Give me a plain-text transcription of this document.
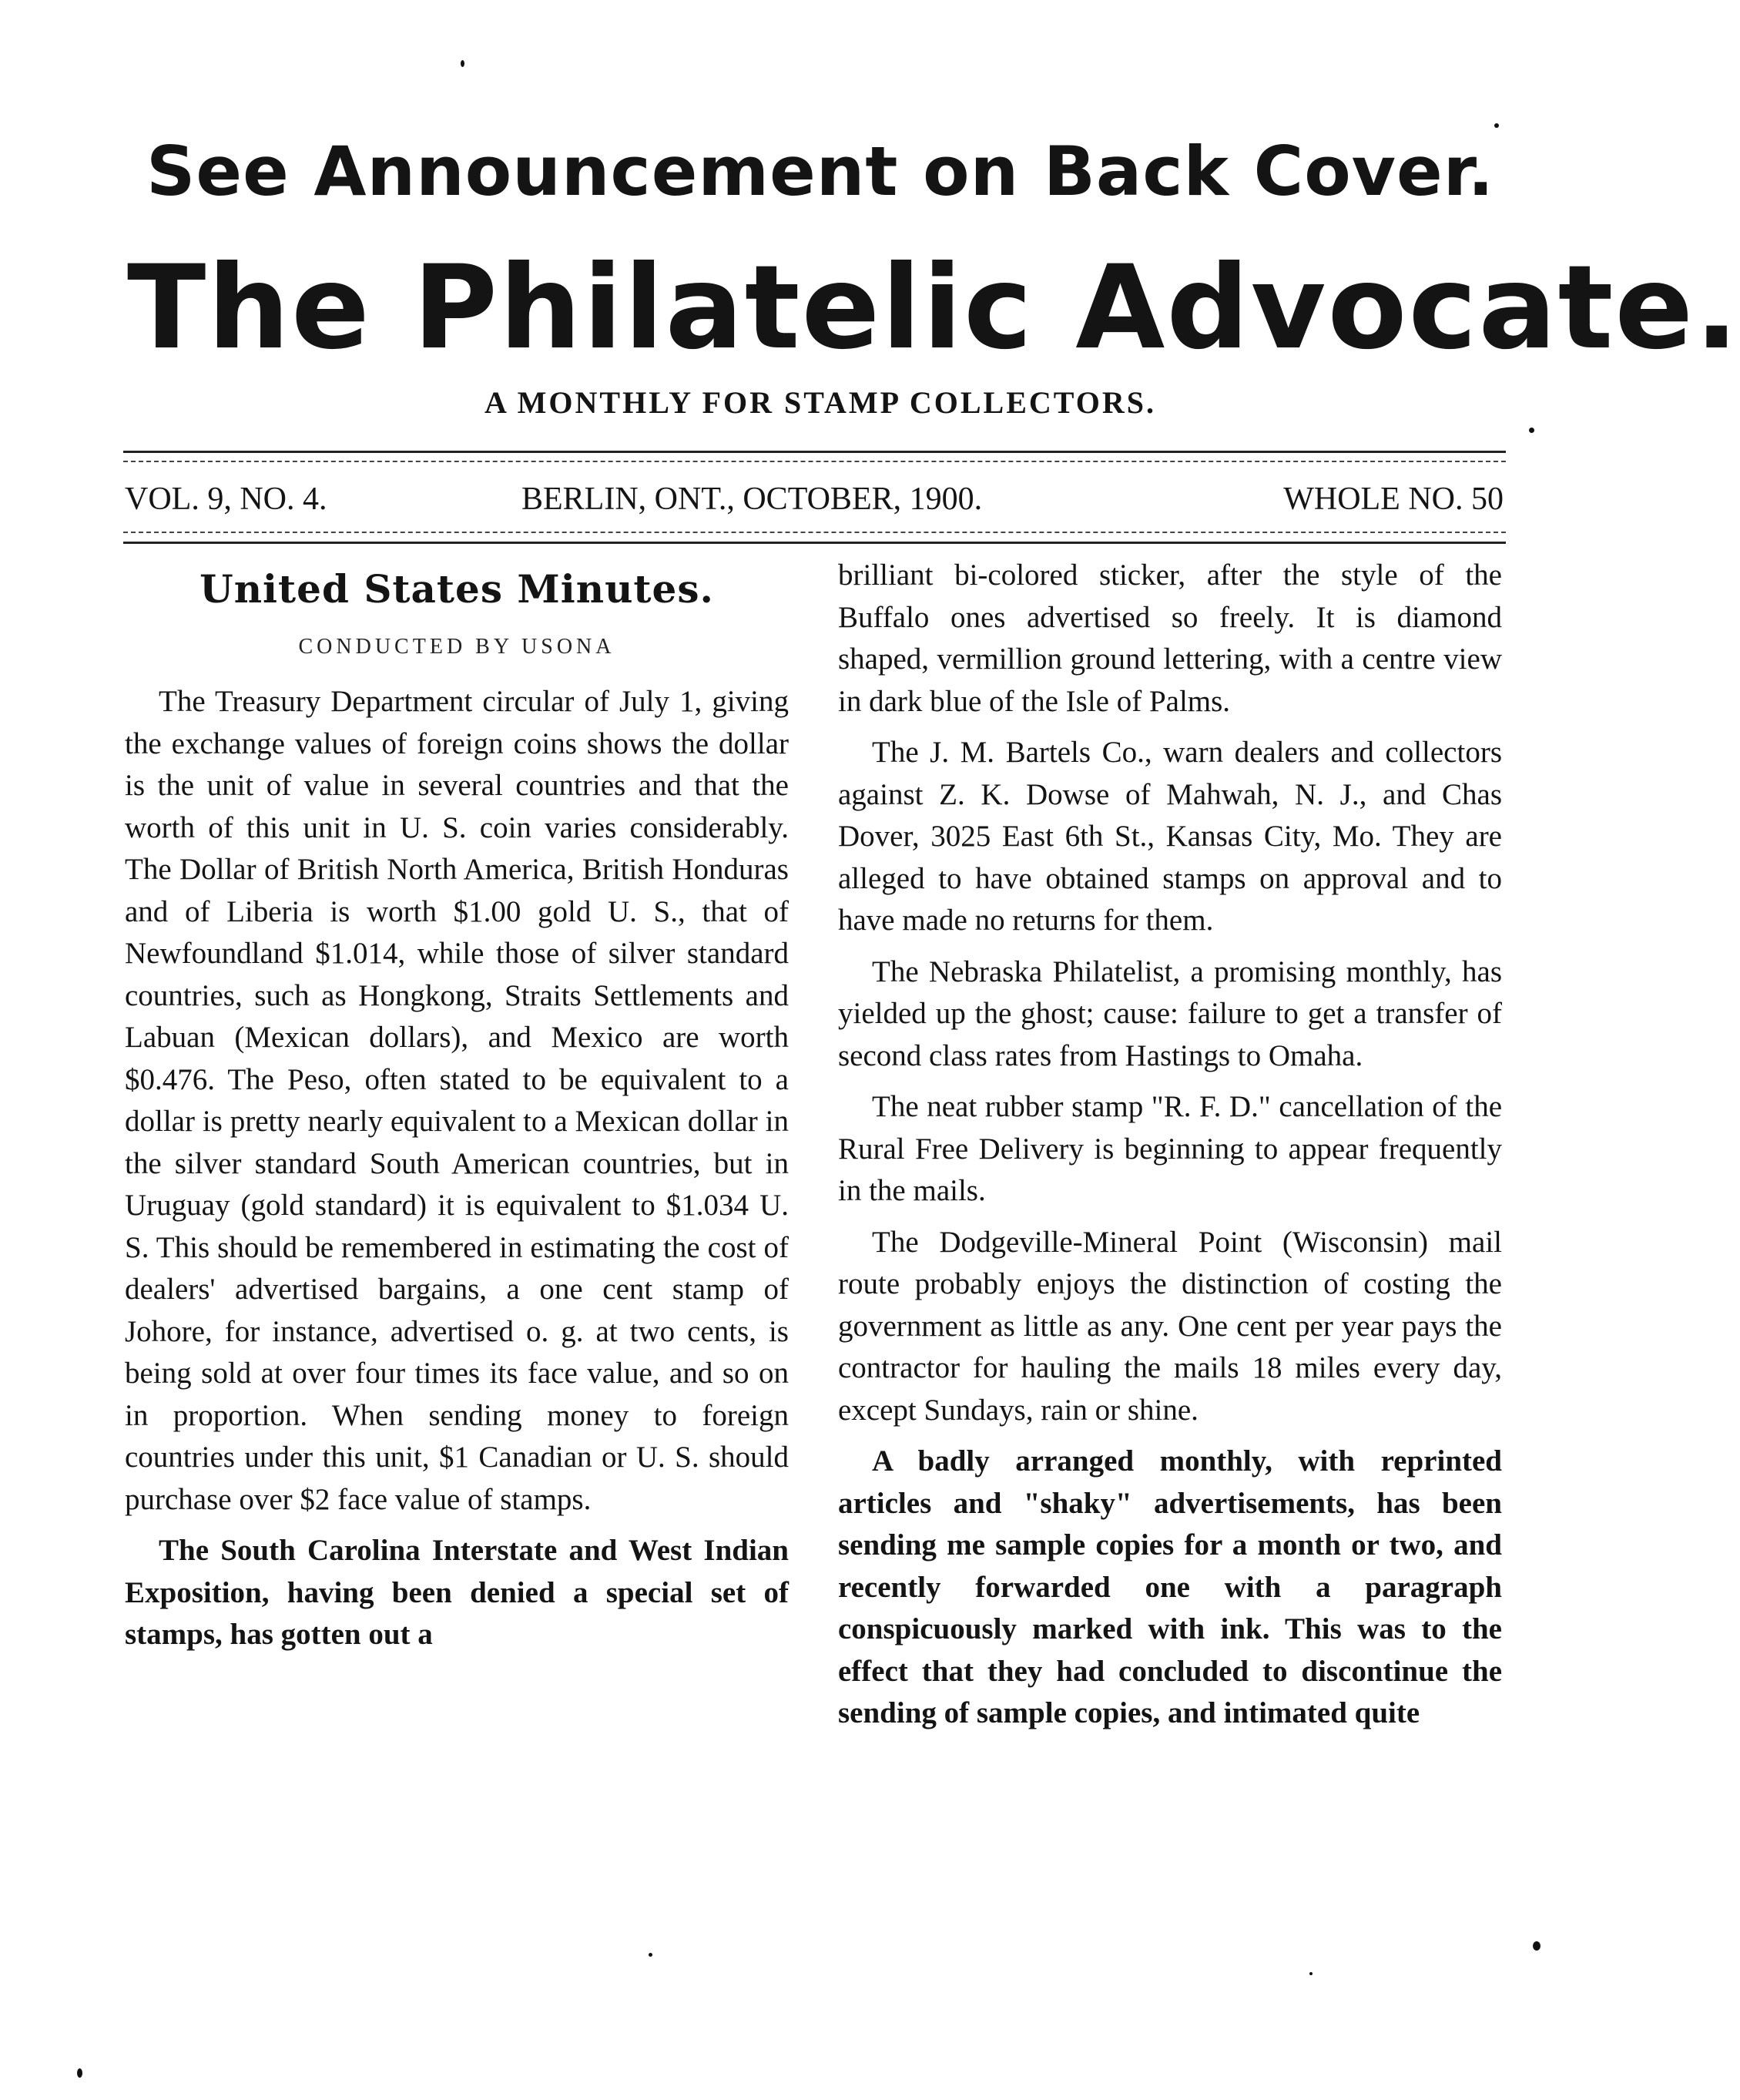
See Announcement on Back Cover.
The Philatelic Advocate.
A MONTHLY FOR STAMP COLLECTORS.
VOL. 9, NO. 4.	BERLIN, ONT., OCTOBER, 1900.	WHOLE NO. 50
United States Minutes.
CONDUCTED BY USONA

The Treasury Department circular of July 1, giving the exchange values of foreign coins shows the dollar is the unit of value in several countries and that the worth of this unit in U. S. coin varies considerably. The Dollar of British North America, British Honduras and of Liberia is worth $1.00 gold U. S., that of Newfoundland $1.014, while those of silver standard countries, such as Hongkong, Straits Settlements and Labuan (Mexican dollars), and Mexico are worth $0.476. The Peso, often stated to be equivalent to a dollar is pretty nearly equivalent to a Mexican dollar in the silver standard South American countries, but in Uruguay (gold standard) it is equivalent to $1.034 U. S. This should be remembered in estimating the cost of dealers' advertised bargains, a one cent stamp of Johore, for instance, advertised o. g. at two cents, is being sold at over four times its face value, and so on in proportion. When sending money to foreign countries under this unit, $1 Canadian or U. S. should purchase over $2 face value of stamps.

The South Carolina Interstate and West Indian Exposition, having been denied a special set of stamps, has gotten out a

brilliant bi-colored sticker, after the style of the Buffalo ones advertised so freely. It is diamond shaped, vermillion ground lettering, with a centre view in dark blue of the Isle of Palms.

The J. M. Bartels Co., warn dealers and collectors against Z. K. Dowse of Mahwah, N. J., and Chas Dover, 3025 East 6th St., Kansas City, Mo. They are alleged to have obtained stamps on approval and to have made no returns for them.

The Nebraska Philatelist, a promising monthly, has yielded up the ghost; cause: failure to get a transfer of second class rates from Hastings to Omaha.

The neat rubber stamp "R. F. D." cancellation of the Rural Free Delivery is beginning to appear frequently in the mails.

The Dodgeville-Mineral Point (Wisconsin) mail route probably enjoys the distinction of costing the government as little as any. One cent per year pays the contractor for hauling the mails 18 miles every day, except Sundays, rain or shine.

A badly arranged monthly, with reprinted articles and "shaky" advertisements, has been sending me sample copies for a month or two, and recently forwarded one with a paragraph conspicuously marked with ink. This was to the effect that they had concluded to discontinue the sending of sample copies, and intimated quite
